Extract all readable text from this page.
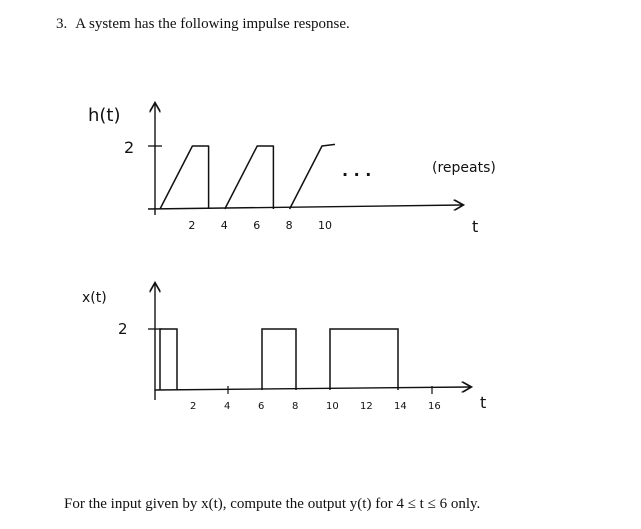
3. A system has the following impulse response.
h(t)
2
2 4 6 8 10
. . .	(repeats)
t
x(t)
2
2	4	6	8	10 12 14 16 t
For the input given by x(t), compute the output y(t) for 4 ≤ t ≤ 6 only.
